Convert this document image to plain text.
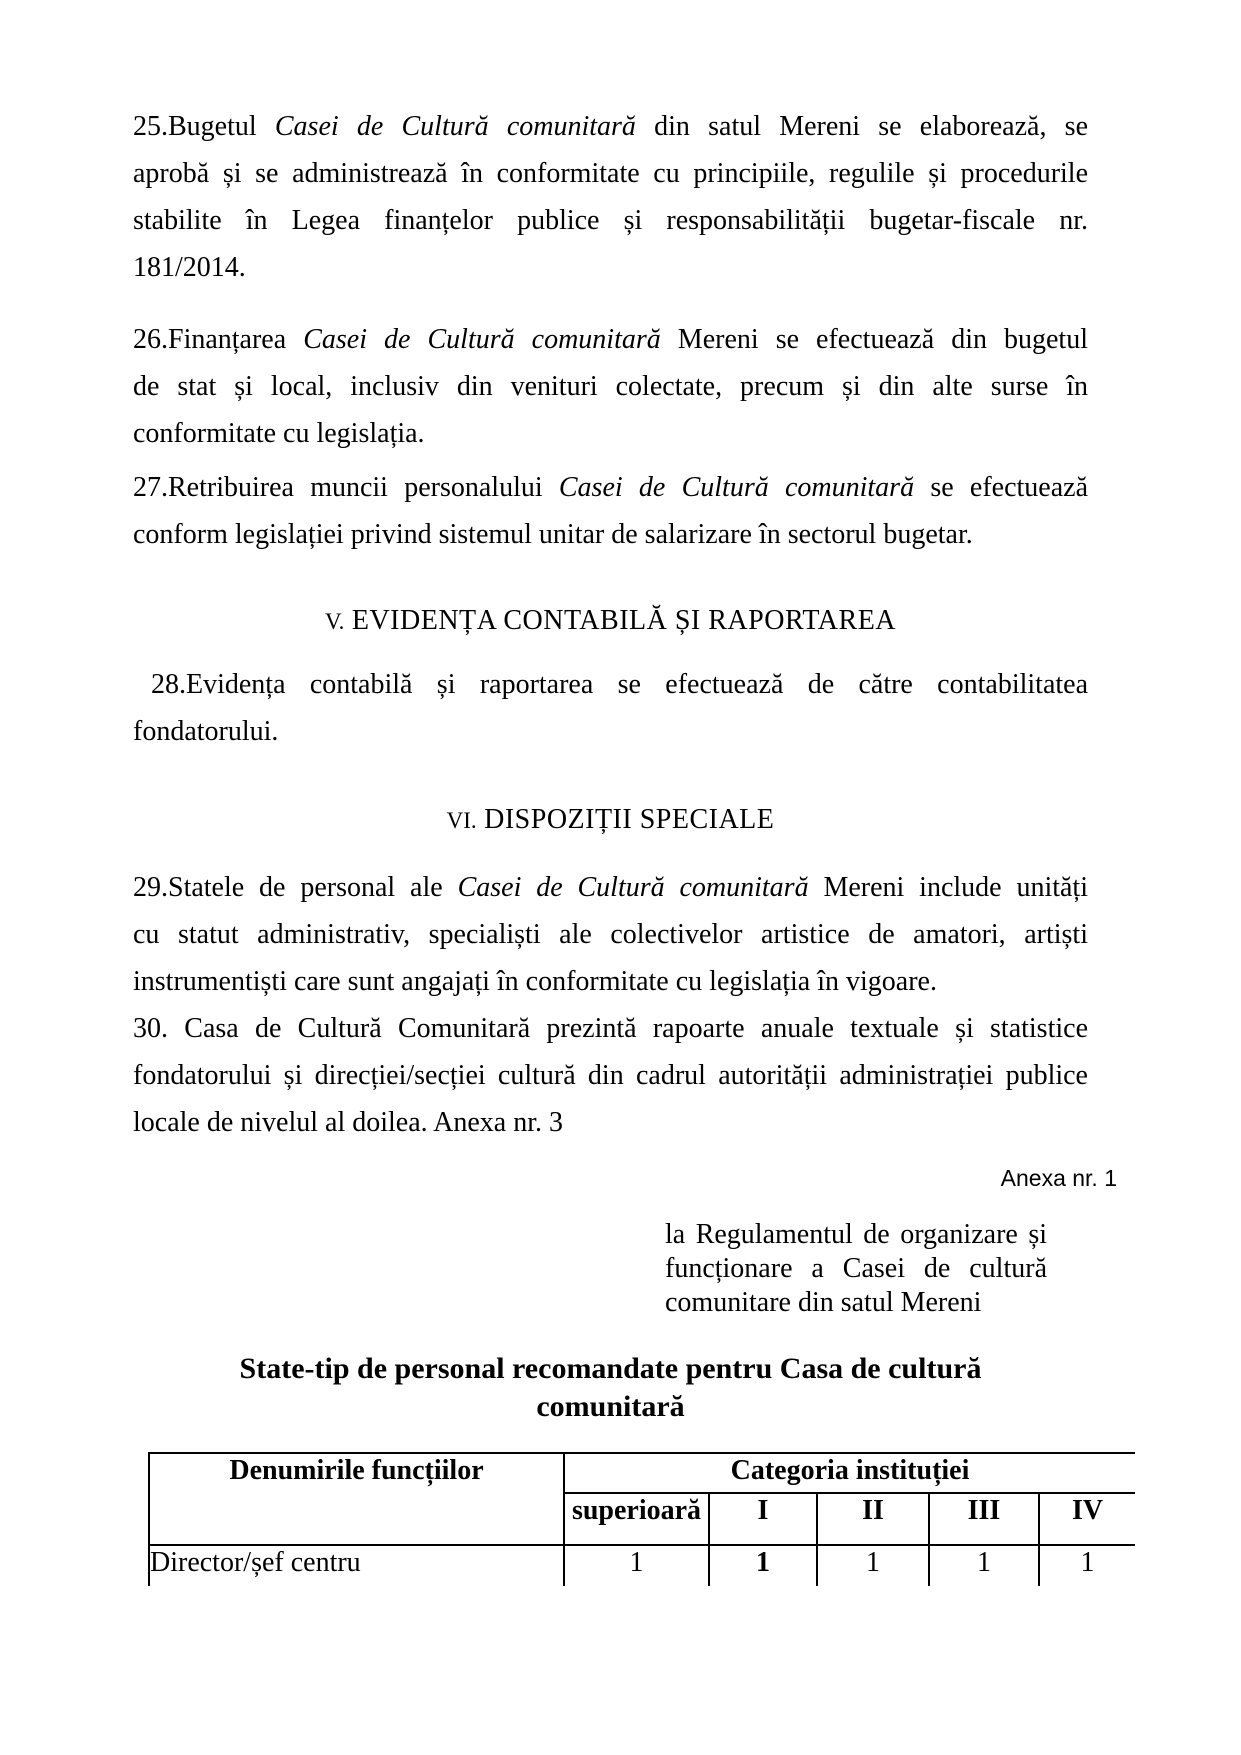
25.Bugetul Casei de Cultură comunitară din satul Mereni se elaborează, se
aprobă și se administrează în conformitate cu principiile, regulile și procedurile
stabilite în Legea finanțelor publice și responsabilității bugetar-fiscale nr.
181/2014.
26.Finanțarea Casei de Cultură comunitară Mereni se efectuează din bugetul
de stat și local, inclusiv din venituri colectate, precum și din alte surse în
conformitate cu legislația.
27.Retribuirea muncii personalului Casei de Cultură comunitară se efectuează
conform legislației privind sistemul unitar de salarizare în sectorul bugetar.
V. EVIDENȚA CONTABILĂ ȘI RAPORTAREA
28.Evidența contabilă și raportarea se efectuează de către contabilitatea
fondatorului.
VI. DISPOZIȚII SPECIALE
29.Statele de personal ale Casei de Cultură comunitară Mereni include unități
cu statut administrativ, specialiști ale colectivelor artistice de amatori, artiști
instrumentiști care sunt angajați în conformitate cu legislația în vigoare.
30. Casa de Cultură Comunitară prezintă rapoarte anuale textuale și statistice
fondatorului și direcției/secției cultură din cadrul autorității administrației publice
locale de nivelul al doilea. Anexa nr. 3
Anexa nr. 1
la Regulamentul de organizare și
funcționare a Casei de cultură
comunitare din satul Mereni
State-tip de personal recomandate pentru Casa de cultură
comunitară
Denumirile funcțiilor	Categoria instituției				
	superioară	I	II	III	IV
Director/șef centru	1	1	1	1	1
